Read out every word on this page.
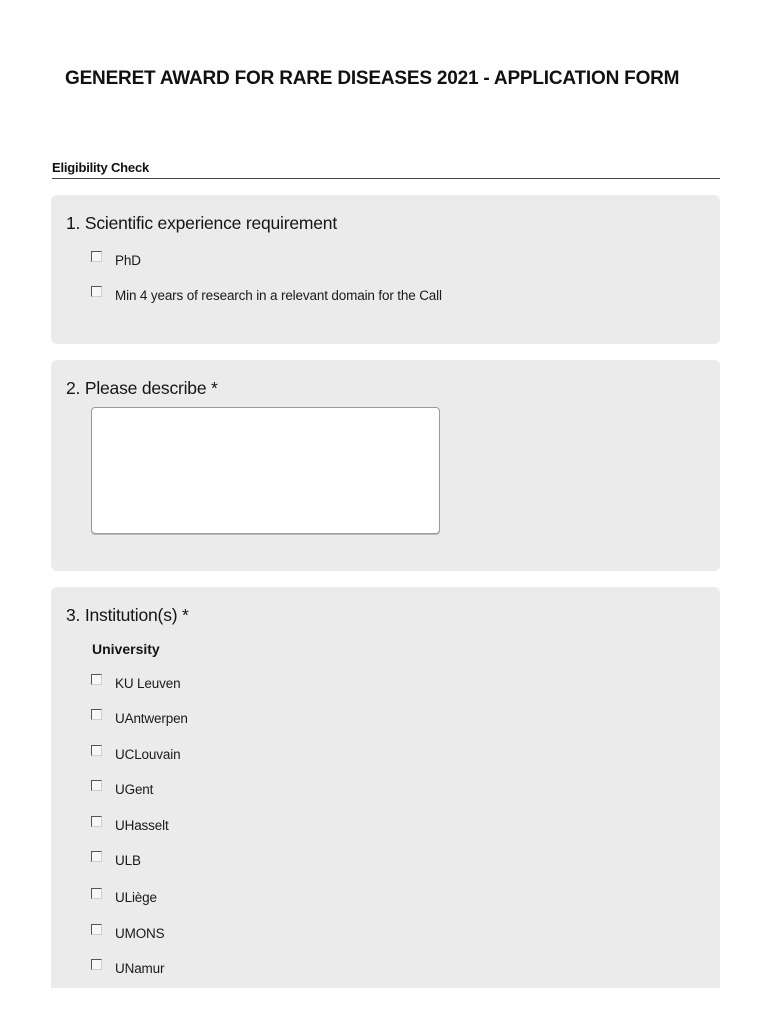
GENERET AWARD FOR RARE DISEASES 2021 - APPLICATION FORM
Eligibility Check
1. Scientific experience requirement
PhD
Min 4 years of research in a relevant domain for the Call
2. Please describe *
3. Institution(s) *
University
KU Leuven
UAntwerpen
UCLouvain
UGent
UHasselt
ULB
ULiège
UMONS
UNamur
